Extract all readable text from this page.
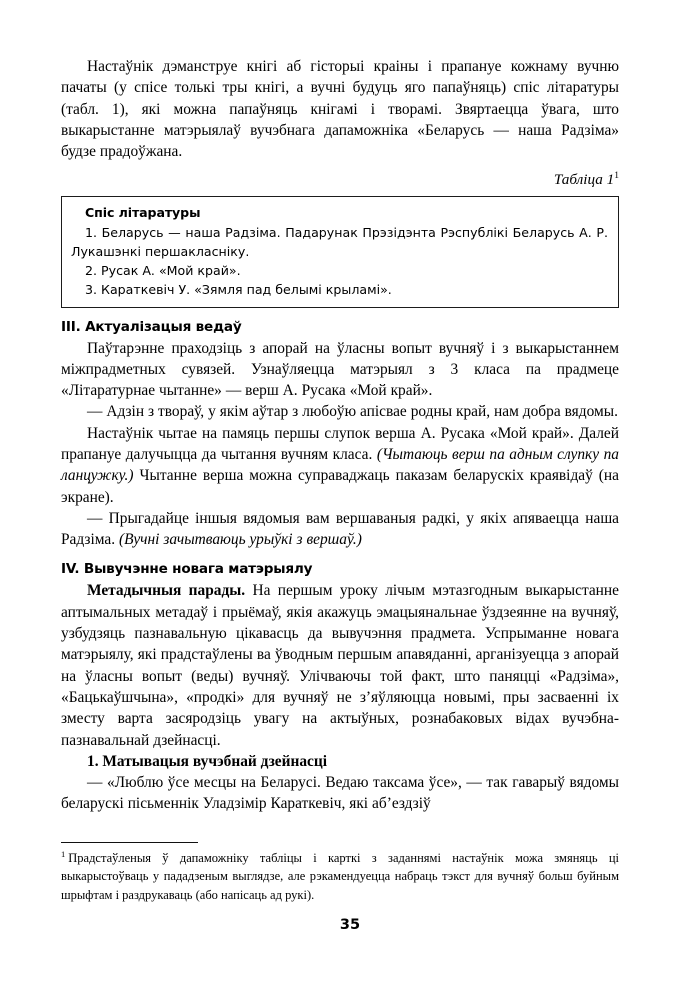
Настаўнік дэманструе кнігі аб гісторыі краіны і прапануе кожнаму вучню пачаты (у спісе толькі тры кнігі, а вучні будуць яго папаўняць) спіс літаратуры (табл. 1), які можна папаўняць кнігамі і творамі. Звяртаецца ўвага, што выкарыстанне матэрыялаў вучэбнага дапаможніка «Беларусь — наша Радзіма» будзе прадоўжана.

Табліца $1^1$

Спіс літаратуры

1. Беларусь — наша Радзіма. Падарунак Прэзідэнта Рэспублікі Беларусь А. Р. Лукашэнкі першакласніку.

2. Русак А. «Мой край».

3. Караткевіч У. «Зямля пад белымі крыламі».

III. Актуалізацыя ведаў

Паўтарэнне праходзіць з апорай на ўласны вопыт вучняў і з выкарыстаннем міжпрадметных сувязей. Узнаўляецца матэрыял з 3 класа па прадмеце «Літаратурнае чытанне» — верш А. Русака «Мой край».

— Адзін з твораў, у якім аўтар з любоўю апісвае родны край, нам добра вядомы.

Настаўнік чытае на памяць першы слупок верша А. Русака «Мой край». Далей прапануе далучыцца да чытання вучням класа. (Чытаюць верш па адным слупку па ланцужку.) Чытанне верша можна суправаджаць паказам беларускіх краявідаў (на экране).

— Прыгадайце іншыя вядомыя вам вершаваныя радкі, у якіх апяваецца наша Радзіма. (Вучні зачытваюць урыўкі з вершаў.)

IV. Вывучэнне новага матэрыялу

Метадычныя парады. На першым уроку лічым мэтазгодным выкарыстанне аптымальных метадаў і прыёмаў, якія акажуць эмацыянальнае ўздзеянне на вучняў, узбудзяць пазнавальную цікавасць да вывучэння прадмета. Успрыманне новага матэрыялу, які прадстаўлены ва ўводным першым апавяданні, арганізуецца з апорай на ўласны вопыт (веды) вучняў. Улічваючы той факт, што паняцці «Радзіма», «Бацькаўшчына», «продкі» для вучняў не з’яўляюцца новымі, пры засваенні іх зместу варта засяродзіць увагу на актыўных, рознабаковых відах вучэбна-пазнавальнай дзейнасці.

1. Матывацыя вучэбнай дзейнасці

— «Люблю ўсе месцы на Беларусі. Ведаю таксама ўсе», — так гаварыў вядомы беларускі пісьменнік Уладзімір Караткевіч, які аб’ездзіў

$^1$ Прадстаўленыя ў дапаможніку табліцы і карткі з заданнямі настаўнік можа змяняць ці выкарыстоўваць у пададзеным выглядзе, але рэкамендуецца набраць тэкст для вучняў больш буйным шрыфтам і раздрукаваць (або напісаць ад рукі).

35
